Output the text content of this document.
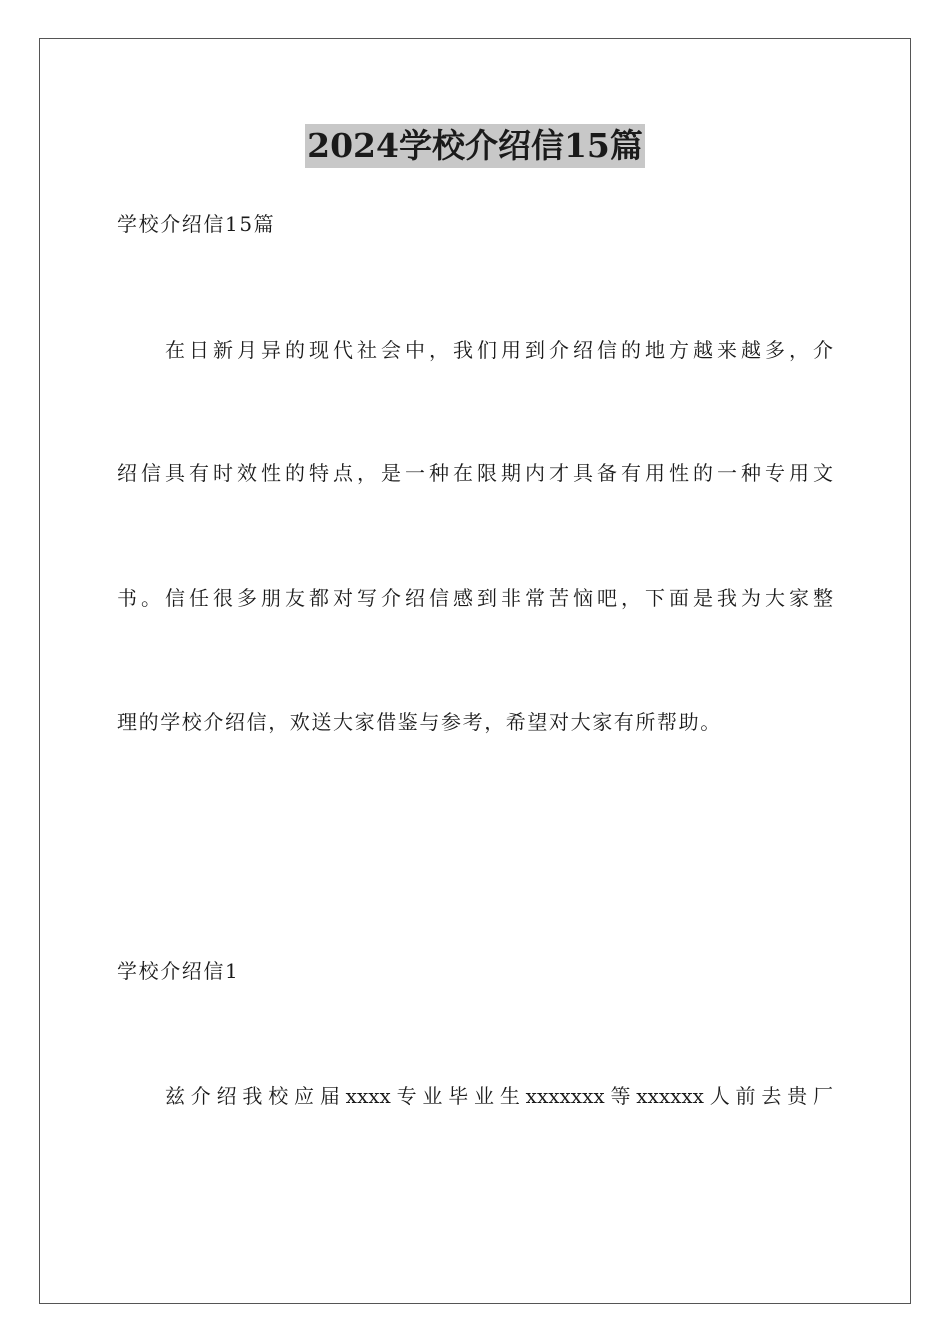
2024学校介绍信15篇
学校介绍信15篇
在日新月异的现代社会中，我们用到介绍信的地方越来越多，介
绍信具有时效性的特点，是一种在限期内才具备有用性的一种专用文
书。信任很多朋友都对写介绍信感到非常苦恼吧，下面是我为大家整
理的学校介绍信，欢送大家借鉴与参考，希望对大家有所帮助。
学校介绍信1
兹介绍我校应届xxxx专业毕业生xxxxxxx等xxxxxx人前去贵厂
